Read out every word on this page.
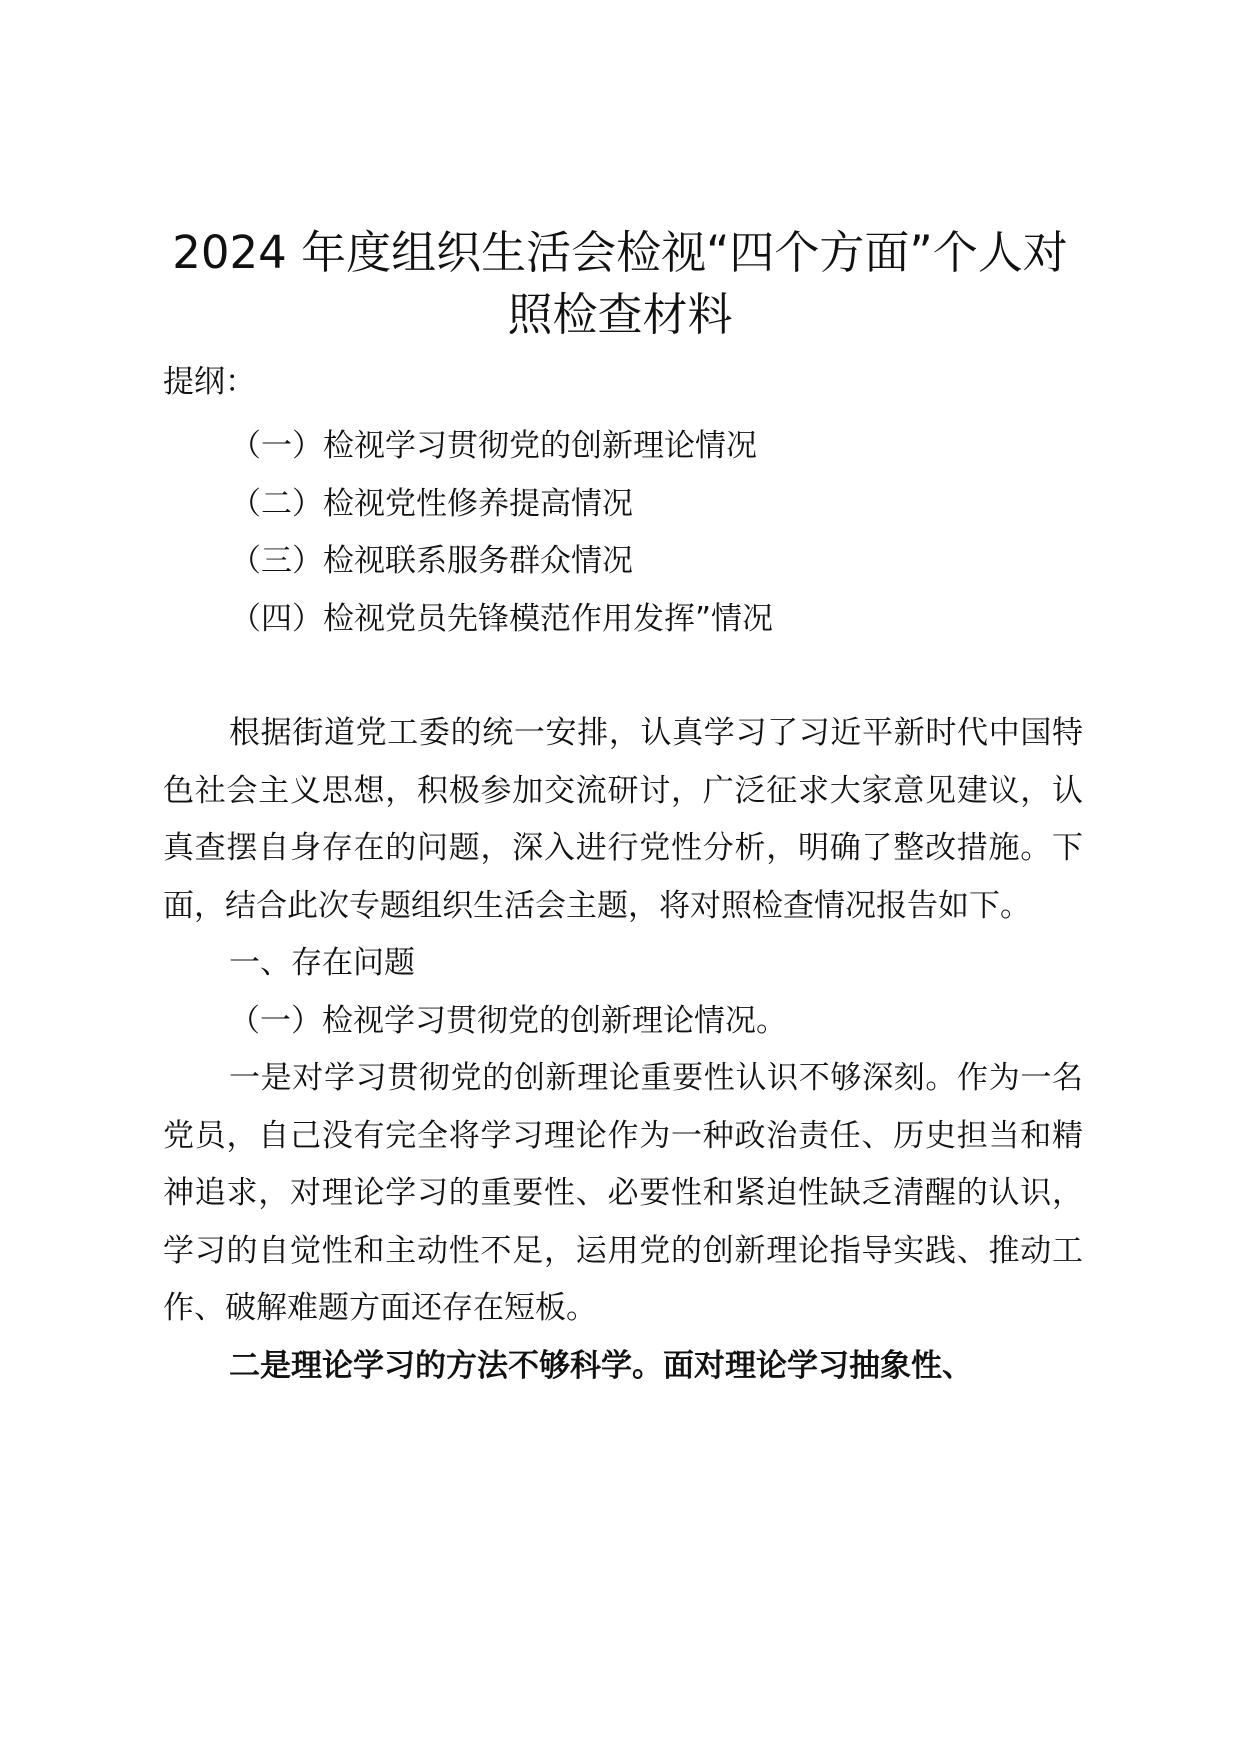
2024 年度组织生活会检视“四个方面”个人对照检查材料

提纲：

（一）检视学习贯彻党的创新理论情况
（二）检视党性修养提高情况
（三）检视联系服务群众情况
（四）检视党员先锋模范作用发挥”情况

根据街道党工委的统一安排，认真学习了习近平新时代中国特色社会主义思想，积极参加交流研讨，广泛征求大家意见建议，认真查摆自身存在的问题，深入进行党性分析，明确了整改措施。下面，结合此次专题组织生活会主题，将对照检查情况报告如下。

一、存在问题

（一）检视学习贯彻党的创新理论情况。

一是对学习贯彻党的创新理论重要性认识不够深刻。作为一名党员，自己没有完全将学习理论作为一种政治责任、历史担当和精神追求，对理论学习的重要性、必要性和紧迫性缺乏清醒的认识，学习的自觉性和主动性不足，运用党的创新理论指导实践、推动工作、破解难题方面还存在短板。

二是理论学习的方法不够科学。面对理论学习抽象性、
